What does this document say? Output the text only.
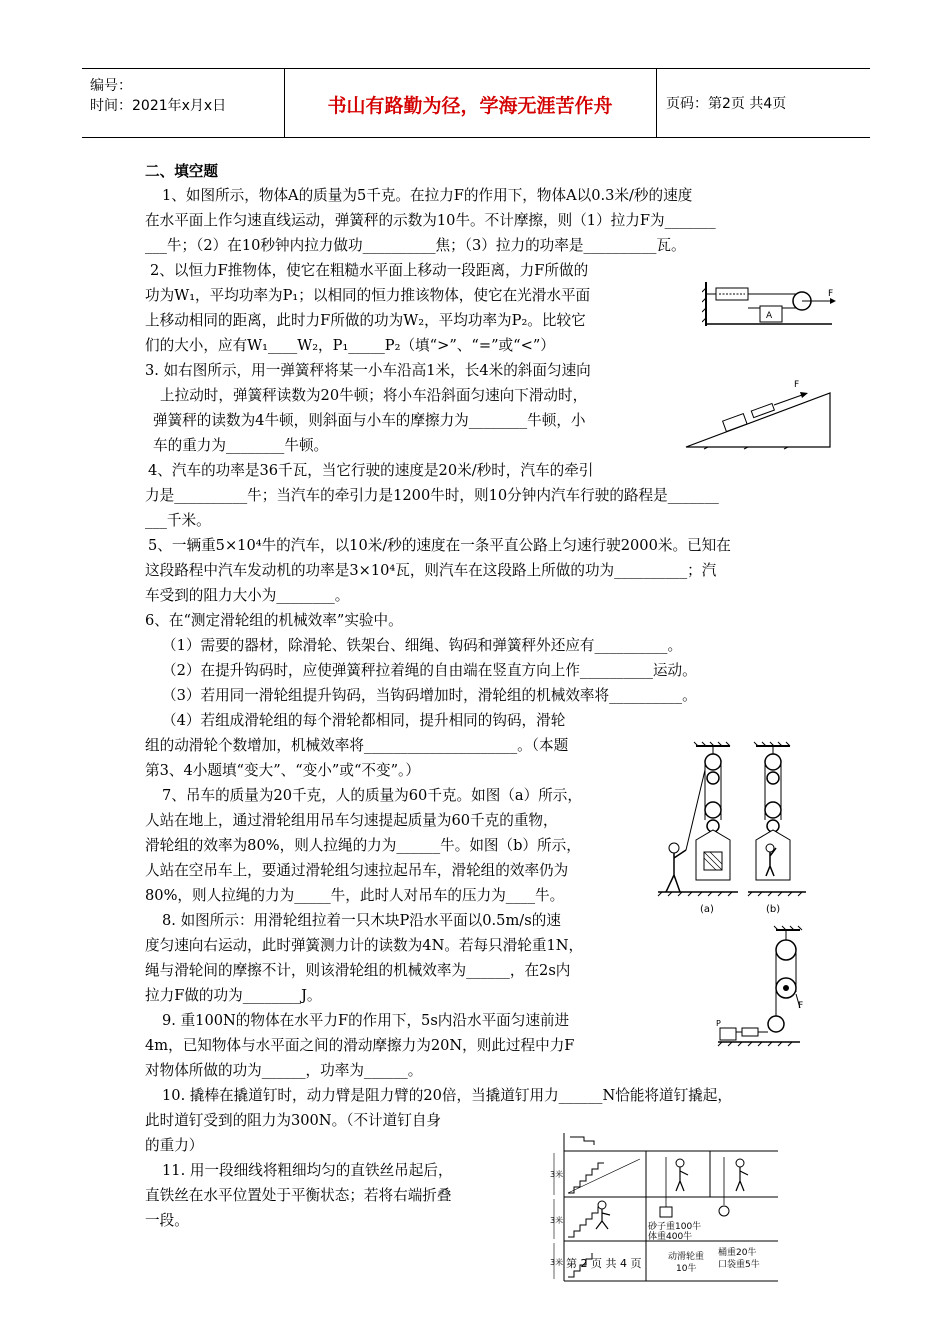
编号：
时间：2021年x月x日	书山有路勤为径，学海无涯苦作舟	页码：第2页 共4页
二、填空题
1、如图所示，物体A的质量为5千克。在拉力F的作用下，物体A以0.3米/秒的速度
在水平面上作匀速直线运动，弹簧秤的示数为10牛。不计摩擦，则（1）拉力F为_______
___牛；（2）在10秒钟内拉力做功__________焦；（3）拉力的功率是__________瓦。
2、以恒力F推物体，使它在粗糙水平面上移动一段距离，力F所做的
功为W₁，平均功率为P₁；以相同的恒力推该物体，使它在光滑水平面
上移动相同的距离，此时力F所做的功为W₂，平均功率为P₂。比较它
们的大小，应有W₁____W₂，P₁_____P₂（填“>”、“=”或“<”）
3. 如右图所示，用一弹簧秤将某一小车沿高1米，长4米的斜面匀速向
上拉动时，弹簧秤读数为20牛顿；将小车沿斜面匀速向下滑动时，
弹簧秤的读数为4牛顿，则斜面与小车的摩擦力为________牛顿，小
车的重力为________牛顿。
4、汽车的功率是36千瓦，当它行驶的速度是20米/秒时，汽车的牵引
力是__________牛；当汽车的牵引力是1200牛时，则10分钟内汽车行驶的路程是_______
___千米。
5、一辆重5×10⁴牛的汽车，以10米/秒的速度在一条平直公路上匀速行驶2000米。已知在
这段路程中汽车发动机的功率是3×10⁴瓦，则汽车在这段路上所做的功为__________；汽
车受到的阻力大小为________。
6、在“测定滑轮组的机械效率”实验中。
（1）需要的器材，除滑轮、铁架台、细绳、钩码和弹簧秤外还应有__________。
（2）在提升钩码时，应使弹簧秤拉着绳的自由端在竖直方向上作__________运动。
（3）若用同一滑轮组提升钩码，当钩码增加时，滑轮组的机械效率将__________。
（4）若组成滑轮组的每个滑轮都相同，提升相同的钩码，滑轮
组的动滑轮个数增加，机械效率将_____________________。（本题
第3、4小题填“变大”、“变小”或“不变”。）
7、吊车的质量为20千克，人的质量为60千克。如图（a）所示，
人站在地上，通过滑轮组用吊车匀速提起质量为60千克的重物，
滑轮组的效率为80%，则人拉绳的力为______牛。如图（b）所示，
人站在空吊车上，要通过滑轮组匀速拉起吊车，滑轮组的效率仍为
80%，则人拉绳的力为_____牛，此时人对吊车的压力为____牛。
8. 如图所示：用滑轮组拉着一只木块P沿水平面以0.5m/s的速
度匀速向右运动，此时弹簧测力计的读数为4N。若每只滑轮重1N，
绳与滑轮间的摩擦不计，则该滑轮组的机械效率为______，在2s内
拉力F做的功为________J。
9. 重100N的物体在水平力F的作用下，5s内沿水平面匀速前进
4m，已知物体与水平面之间的滑动摩擦力为20N，则此过程中力F
对物体所做的功为______，功率为______。
10. 撬棒在撬道钉时，动力臂是阻力臂的20倍，当撬道钉用力______N恰能将道钉撬起，
此时道钉受到的阻力为300N。（不计道钉自身
的重力）
11. 用一段细线将粗细均匀的直铁丝吊起后，
直铁丝在水平位置处于平衡状态；若将右端折叠
一段。
A
F
F
(a)	(b)
F
P
3米
3米
3米
砂子重100牛
体重400牛
第 2 页 共 4 页	动滑轮重
10牛
桶重20牛
口袋重5牛
